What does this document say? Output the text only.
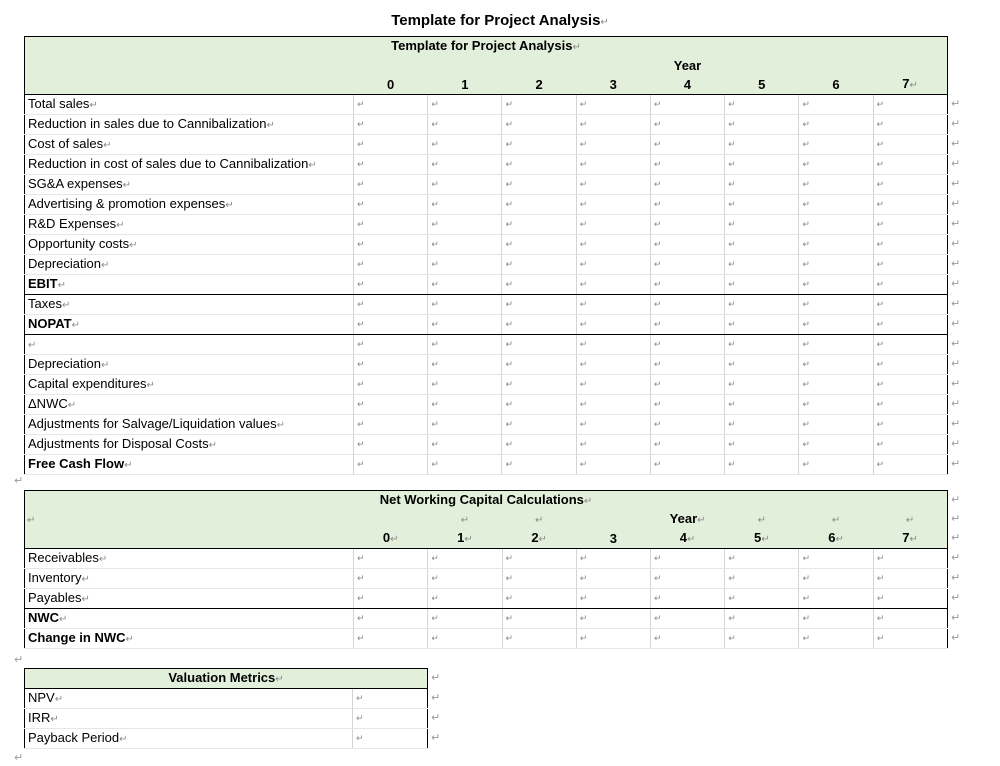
Template for Project Analysis↵
Template for Project Analysis↵								
					Year			
	0	1	2	3	4	5	6	7↵
Total sales↵	↵	↵	↵	↵	↵	↵	↵	↵
Reduction in sales due to Cannibalization↵	↵	↵	↵	↵	↵	↵	↵	↵
Cost of sales↵	↵	↵	↵	↵	↵	↵	↵	↵
Reduction in cost of sales due to Cannibalization↵	↵	↵	↵	↵	↵	↵	↵	↵
SG&A expenses↵	↵	↵	↵	↵	↵	↵	↵	↵
Advertising & promotion expenses↵	↵	↵	↵	↵	↵	↵	↵	↵
R&D Expenses↵	↵	↵	↵	↵	↵	↵	↵	↵
Opportunity costs↵	↵	↵	↵	↵	↵	↵	↵	↵
Depreciation↵	↵	↵	↵	↵	↵	↵	↵	↵
EBIT↵	↵	↵	↵	↵	↵	↵	↵	↵
Taxes↵	↵	↵	↵	↵	↵	↵	↵	↵
NOPAT↵	↵	↵	↵	↵	↵	↵	↵	↵
↵	↵	↵	↵	↵	↵	↵	↵	↵
Depreciation↵	↵	↵	↵	↵	↵	↵	↵	↵
Capital expenditures↵	↵	↵	↵	↵	↵	↵	↵	↵
ΔNWC↵	↵	↵	↵	↵	↵	↵	↵	↵
Adjustments for Salvage/Liquidation values↵	↵	↵	↵	↵	↵	↵	↵	↵
Adjustments for Disposal Costs↵	↵	↵	↵	↵	↵	↵	↵	↵
Free Cash Flow↵	↵	↵	↵	↵	↵	↵	↵	↵
↵
Net Working Capital Calculations↵								
↵		↵	↵		Year↵	↵	↵	↵
	0↵	1↵	2↵	3	4↵	5↵	6↵	7↵
Receivables↵	↵	↵	↵	↵	↵	↵	↵	↵
Inventory↵	↵	↵	↵	↵	↵	↵	↵	↵
Payables↵	↵	↵	↵	↵	↵	↵	↵	↵
NWC↵	↵	↵	↵	↵	↵	↵	↵	↵
Change in NWC↵	↵	↵	↵	↵	↵	↵	↵	↵
↵
Valuation Metrics↵	
NPV↵	↵
IRR↵	↵
Payback Period↵	↵
↵
↵
↵
↵
↵
↵
↵
↵
↵
↵
↵
↵
↵
↵
↵
↵
↵
↵
↵
↵
↵
↵
↵
↵
↵
↵
↵
↵
↵
↵
↵
↵
